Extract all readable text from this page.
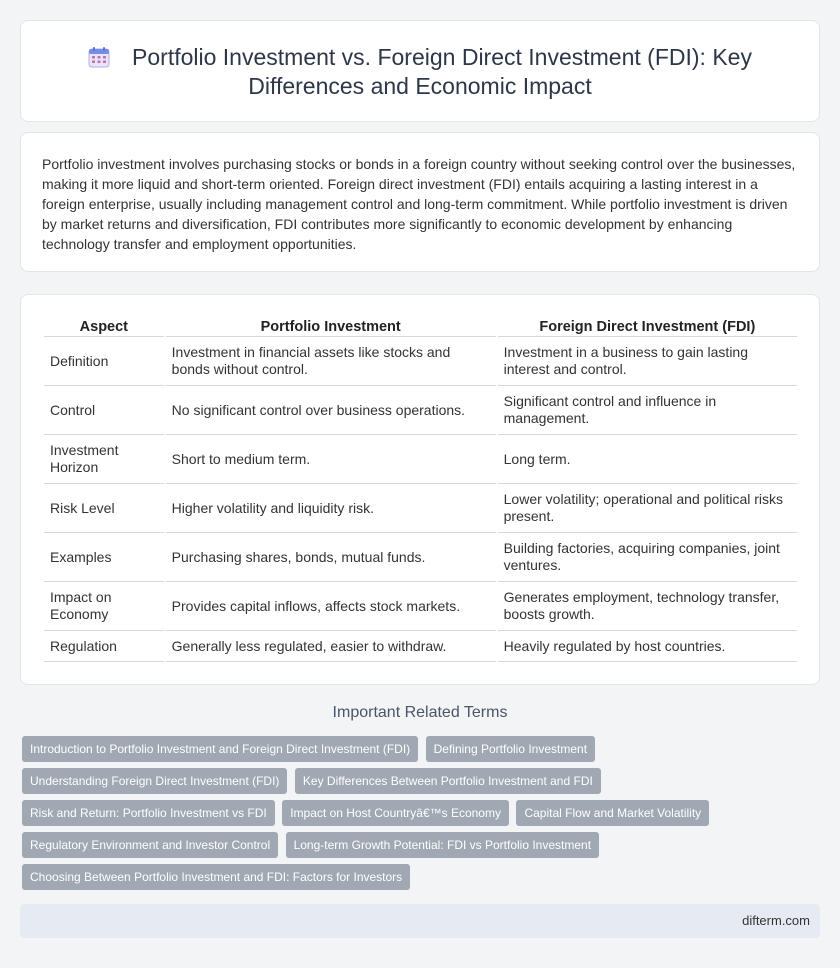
Portfolio Investment vs. Foreign Direct Investment (FDI): Key Differences and Economic Impact

Portfolio investment involves purchasing stocks or bonds in a foreign country without seeking control over the businesses, making it more liquid and short-term oriented. Foreign direct investment (FDI) entails acquiring a lasting interest in a foreign enterprise, usually including management control and long-term commitment. While portfolio investment is driven by market returns and diversification, FDI contributes more significantly to economic development by enhancing technology transfer and employment opportunities.

Aspect	Portfolio Investment	Foreign Direct Investment (FDI)
Definition	Investment in financial assets like stocks and bonds without control.	Investment in a business to gain lasting interest and control.
Control	No significant control over business operations.	Significant control and influence in management.
Investment Horizon	Short to medium term.	Long term.
Risk Level	Higher volatility and liquidity risk.	Lower volatility; operational and political risks present.
Examples	Purchasing shares, bonds, mutual funds.	Building factories, acquiring companies, joint ventures.
Impact on Economy	Provides capital inflows, affects stock markets.	Generates employment, technology transfer, boosts growth.
Regulation	Generally less regulated, easier to withdraw.	Heavily regulated by host countries.
Important Related Terms
Introduction to Portfolio Investment and Foreign Direct Investment (FDI) Defining Portfolio Investment Understanding Foreign Direct Investment (FDI) Key Differences Between Portfolio Investment and FDI Risk and Return: Portfolio Investment vs FDI Impact on Host Countryâ€™s Economy Capital Flow and Market Volatility Regulatory Environment and Investor Control Long-term Growth Potential: FDI vs Portfolio Investment Choosing Between Portfolio Investment and FDI: Factors for Investors
difterm.com
